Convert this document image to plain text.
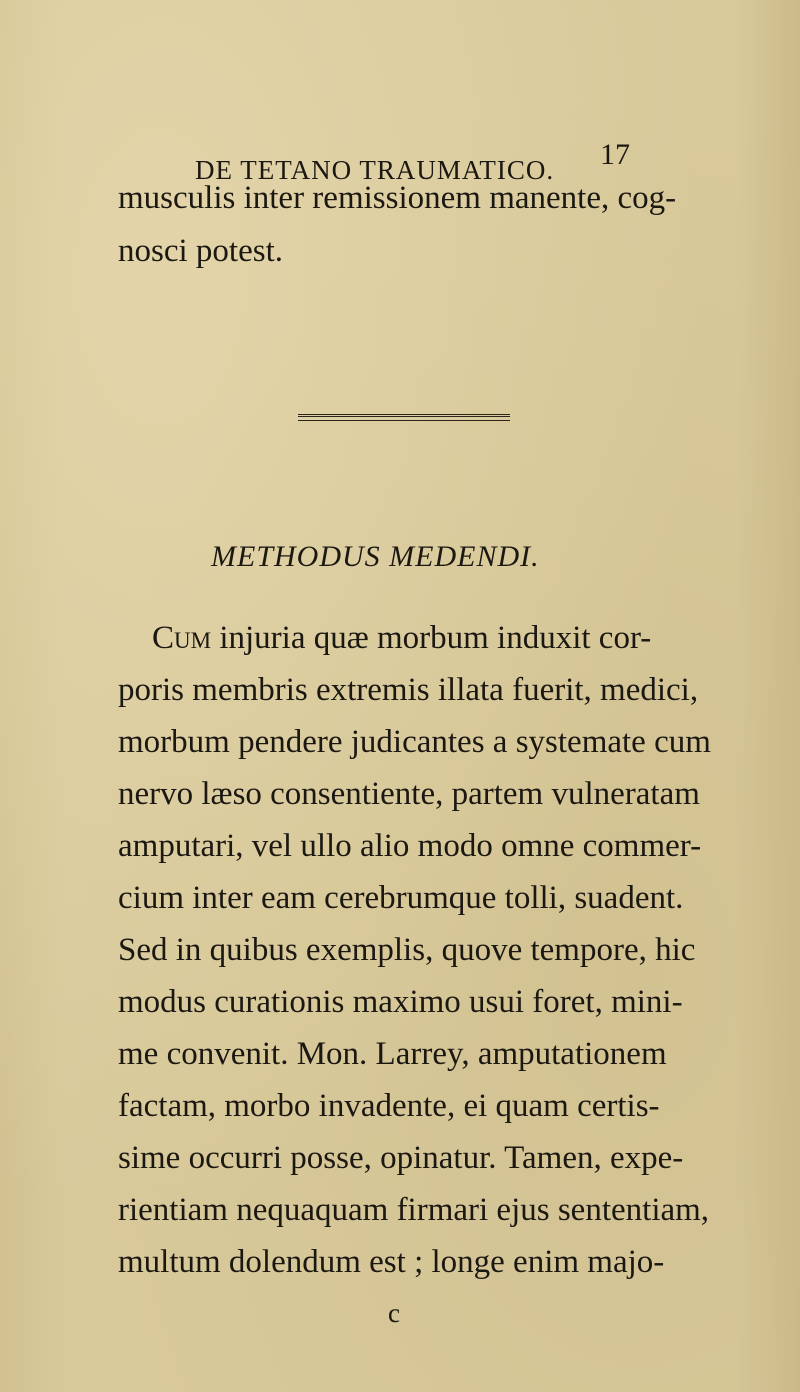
DE TETANO TRAUMATICO. 17
musculis inter remissionem manente, cog-
nosci potest.
METHODUS MEDENDI.
Cum injuria quæ morbum induxit cor-
poris membris extremis illata fuerit, medici,
morbum pendere judicantes a systemate cum
nervo læso consentiente, partem vulneratam
amputari, vel ullo alio modo omne commer-
cium inter eam cerebrumque tolli, suadent.
Sed in quibus exemplis, quove tempore, hic
modus curationis maximo usui foret, mini-
me convenit. Mon. Larrey, amputationem
factam, morbo invadente, ei quam certis-
sime occurri posse, opinatur. Tamen, expe-
rientiam nequaquam firmari ejus sententiam,
multum dolendum est ; longe enim majo-
c
